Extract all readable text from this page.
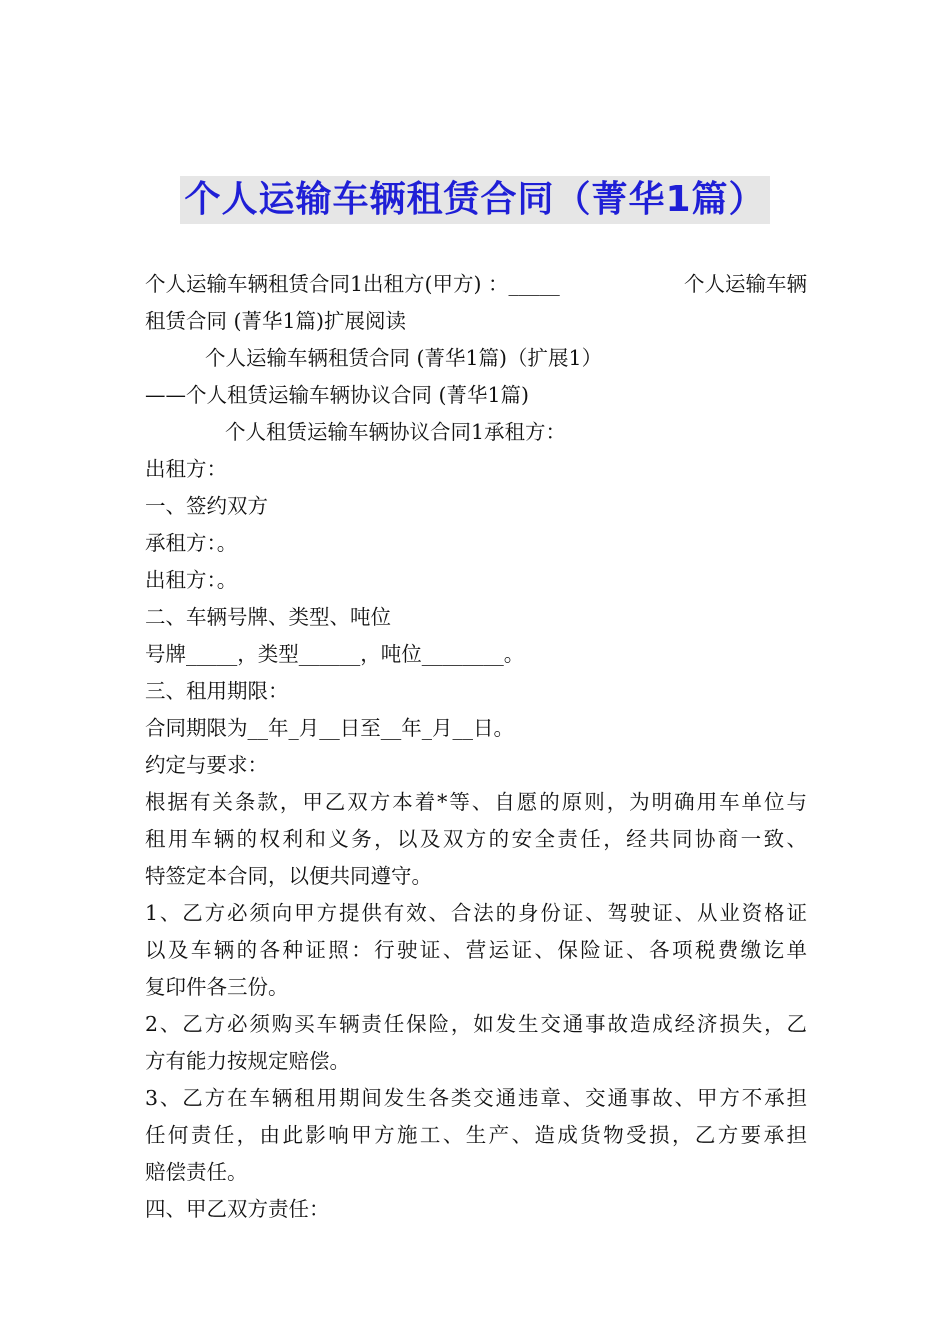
个人运输车辆租赁合同（菁华1篇）
个人运输车辆租赁合同1出租方(甲方) ：_____	个人运输车辆
租赁合同 (菁华1篇)扩展阅读
个人运输车辆租赁合同 (菁华1篇)（扩展1）
——个人租赁运输车辆协议合同 (菁华1篇)
个人租赁运输车辆协议合同1承租方：
出租方：
一、签约双方
承租方：。
出租方：。
二、车辆号牌、类型、吨位
号牌_____，类型______，吨位________。
三、租用期限：
合同期限为__年_月__日至__年_月__日。
约定与要求：
根据有关条款，甲乙双方本着*等、自愿的原则，为明确用车单位与
租用车辆的权利和义务，以及双方的安全责任，经共同协商一致、
特签定本合同，以便共同遵守。
1、乙方必须向甲方提供有效、合法的身份证、驾驶证、从业资格证
以及车辆的各种证照：行驶证、营运证、保险证、各项税费缴讫单
复印件各三份。
2、乙方必须购买车辆责任保险，如发生交通事故造成经济损失，乙
方有能力按规定赔偿。
3、乙方在车辆租用期间发生各类交通违章、交通事故、甲方不承担
任何责任，由此影响甲方施工、生产、造成货物受损，乙方要承担
赔偿责任。
四、甲乙双方责任：
